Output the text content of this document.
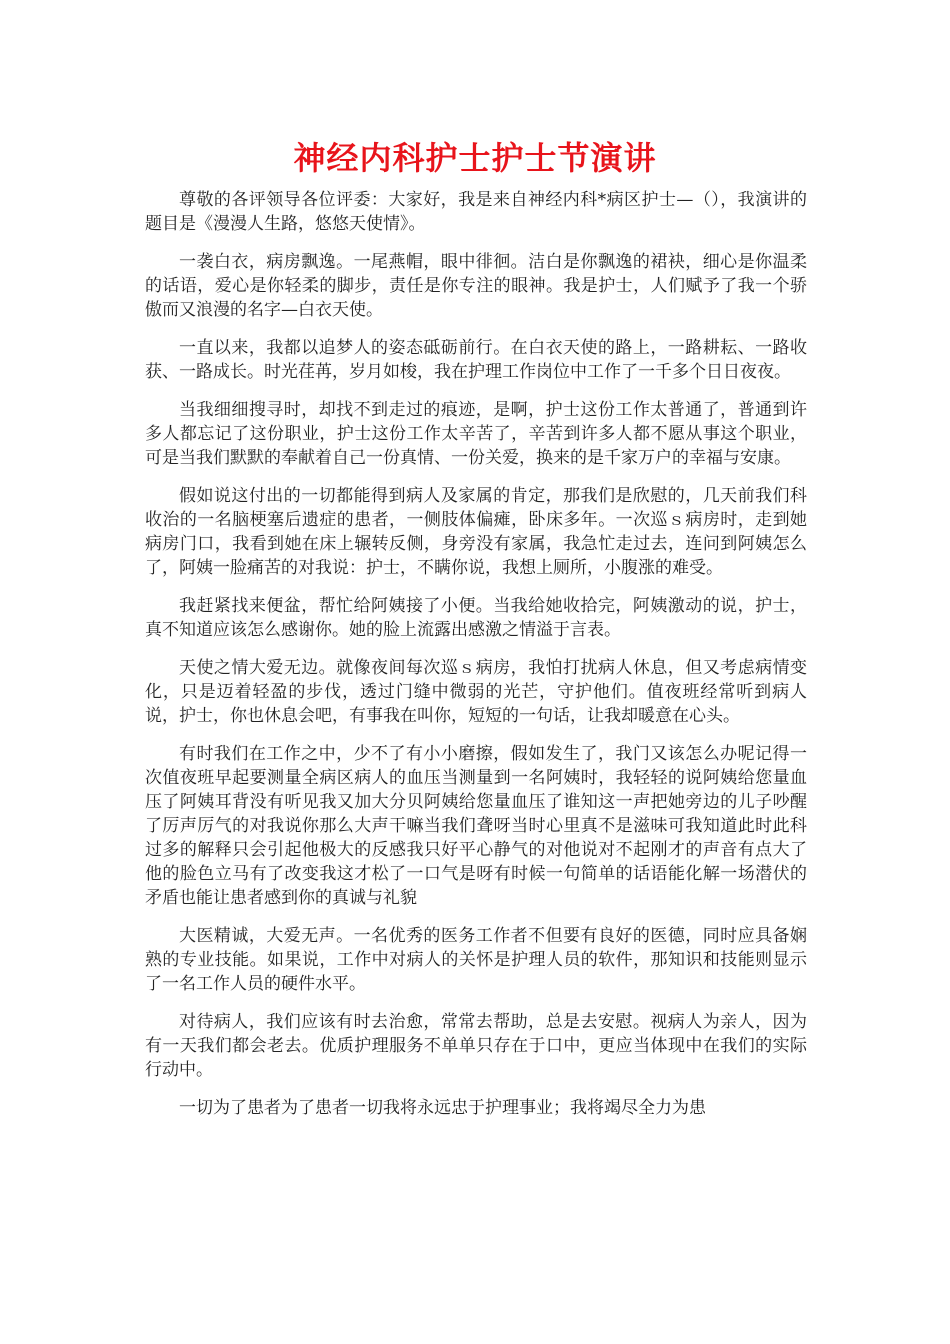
神经内科护士护士节演讲

尊敬的各评领导各位评委：大家好，我是来自神经内科*病区护士—（），我演讲的题目是《漫漫人生路，悠悠天使情》。

一袭白衣，病房飘逸。一尾燕帽，眼中徘徊。洁白是你飘逸的裙袂，细心是你温柔的话语，爱心是你轻柔的脚步，责任是你专注的眼神。我是护士，人们赋予了我一个骄傲而又浪漫的名字—白衣天使。

一直以来，我都以追梦人的姿态砥砺前行。在白衣天使的路上，一路耕耘、一路收获、一路成长。时光荏苒，岁月如梭，我在护理工作岗位中工作了一千多个日日夜夜。

当我细细搜寻时，却找不到走过的痕迹，是啊，护士这份工作太普通了，普通到许多人都忘记了这份职业，护士这份工作太辛苦了，辛苦到许多人都不愿从事这个职业，可是当我们默默的奉献着自己一份真情、一份关爱，换来的是千家万户的幸福与安康。

假如说这付出的一切都能得到病人及家属的肯定，那我们是欣慰的，几天前我们科收治的一名脑梗塞后遗症的患者，一侧肢体偏瘫，卧床多年。一次巡ｓ病房时，走到她病房门口，我看到她在床上辗转反侧，身旁没有家属，我急忙走过去，连问到阿姨怎么了，阿姨一脸痛苦的对我说：护士，不瞒你说，我想上厕所，小腹涨的难受。

我赶紧找来便盆，帮忙给阿姨接了小便。当我给她收拾完，阿姨激动的说，护士，真不知道应该怎么感谢你。她的脸上流露出感激之情溢于言表。

天使之情大爱无边。就像夜间每次巡ｓ病房，我怕打扰病人休息，但又考虑病情变化，只是迈着轻盈的步伐，透过门缝中微弱的光芒，守护他们。值夜班经常听到病人说，护士，你也休息会吧，有事我在叫你，短短的一句话，让我却暖意在心头。

有时我们在工作之中，少不了有小小磨擦，假如发生了，我门又该怎么办呢记得一次值夜班早起要测量全病区病人的血压当测量到一名阿姨时，我轻轻的说阿姨给您量血压了阿姨耳背没有听见我又加大分贝阿姨给您量血压了谁知这一声把她旁边的儿子吵醒了厉声厉气的对我说你那么大声干嘛当我们聋呀当时心里真不是滋味可我知道此时此科过多的解释只会引起他极大的反感我只好平心静气的对他说对不起刚才的声音有点大了他的脸色立马有了改变我这才松了一口气是呀有时候一句简单的话语能化解一场潜伏的矛盾也能让患者感到你的真诚与礼貌

大医精诚，大爱无声。一名优秀的医务工作者不但要有良好的医德，同时应具备娴熟的专业技能。如果说，工作中对病人的关怀是护理人员的软件，那知识和技能则显示了一名工作人员的硬件水平。

对待病人，我们应该有时去治愈，常常去帮助，总是去安慰。视病人为亲人，因为有一天我们都会老去。优质护理服务不单单只存在于口中，更应当体现中在我们的实际行动中。

一切为了患者为了患者一切我将永远忠于护理事业；我将竭尽全力为患
